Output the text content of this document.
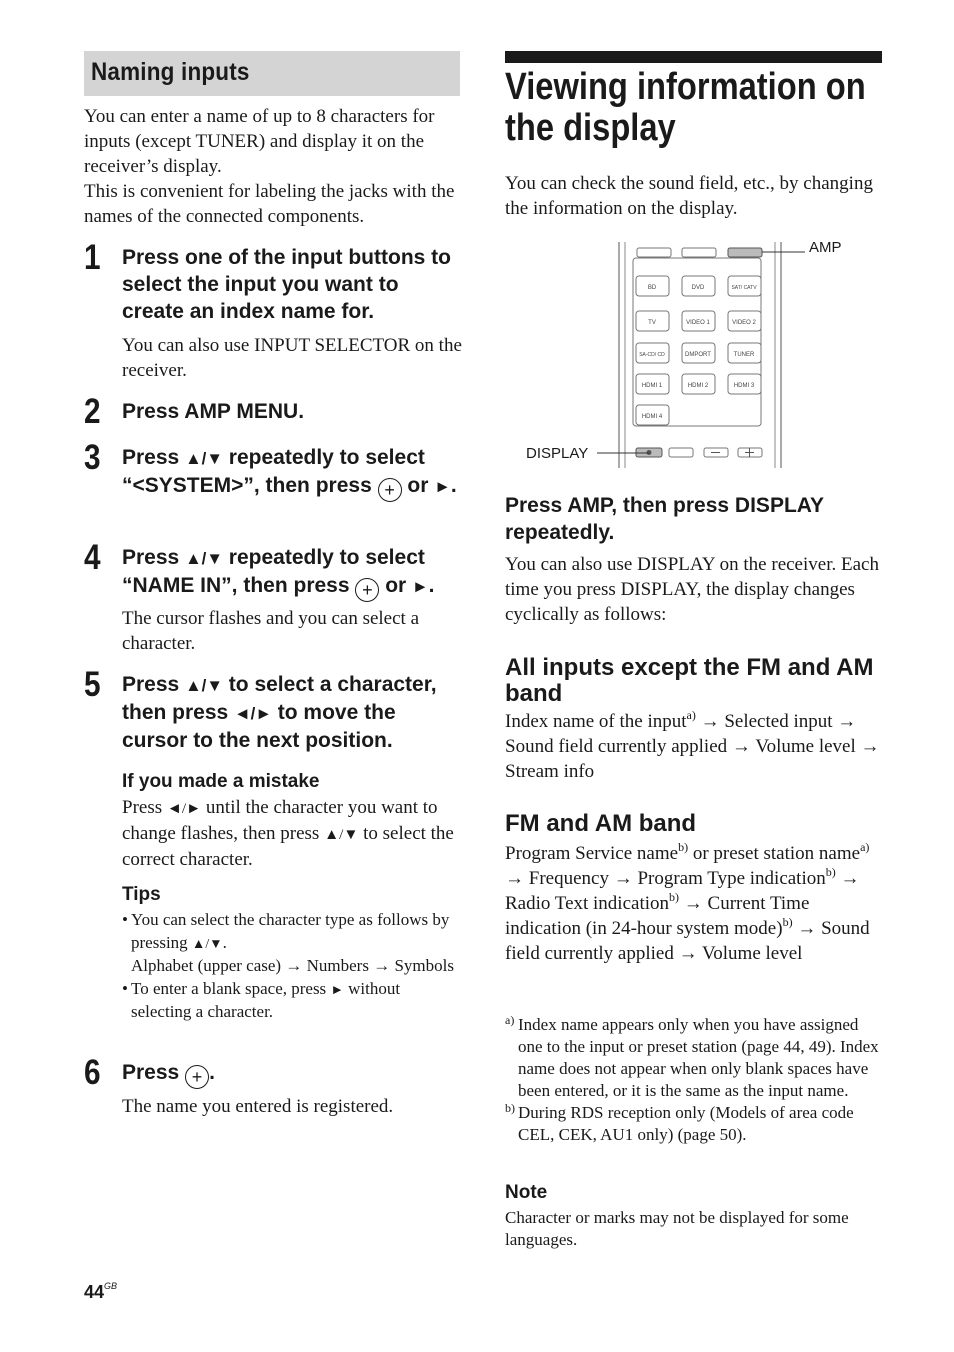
Naming inputs

You can enter a name of up to 8 characters for inputs (except TUNER) and display it on the receiver’s display.

This is convenient for labeling the jacks with the names of the connected components.

1 Press one of the input buttons to select the input you want to create an index name for.

You can also use INPUT SELECTOR on the receiver.

2 Press AMP MENU.
3 Press ▲/▼ repeatedly to select “<SYSTEM>”, then press + or ►.
4 Press ▲/▼ repeatedly to select “NAME IN”, then press + or ►.

The cursor flashes and you can select a character.

5 Press ▲/▼ to select a character, then press ◄/► to move the cursor to the next position.
If you made a mistake

Press ◄/► until the character you want to change flashes, then press ▲/▼ to select the correct character.

Tips
• You can select the character type as follows by pressing ▲/▼.
Alphabet (upper case) → Numbers → Symbols
• To enter a blank space, press ► without selecting a character.
6 Press + .

The name you entered is registered.

$44^{GB}$
Viewing information on
the display

You can check the sound field, etc., by changing the information on the display.

BD	DVD	SAT/ CATV
TV	VIDEO 1	VIDEO 2
SA-CD/ CD	DMPORT	TUNER
HDMI 1	HDMI 2	HDMI 3
HDMI 4
AMP
DISPLAY
Press AMP, then press DISPLAY repeatedly.

You can also use DISPLAY on the receiver. Each time you press DISPLAY, the display changes cyclically as follows:

All inputs except the FM and AM band

Index name of the input$^{a)}$ → Selected input → Sound field currently applied → Volume level → Stream info

FM and AM band

Program Service name$^{b)}$ or preset station name$^{a)}$ → Frequency → Program Type indication$^{b)}$ → Radio Text indication$^{b)}$ → Current Time indication (in 24-hour system mode)$^{b)}$ → Sound field currently applied → Volume level

a) Index name appears only when you have assigned one to the input or preset station (page 44, 49). Index name does not appear when only blank spaces have been entered, or it is the same as the input name.
b) During RDS reception only (Models of area code CEL, CEK, AU1 only) (page 50).
Note

Character or marks may not be displayed for some languages.
